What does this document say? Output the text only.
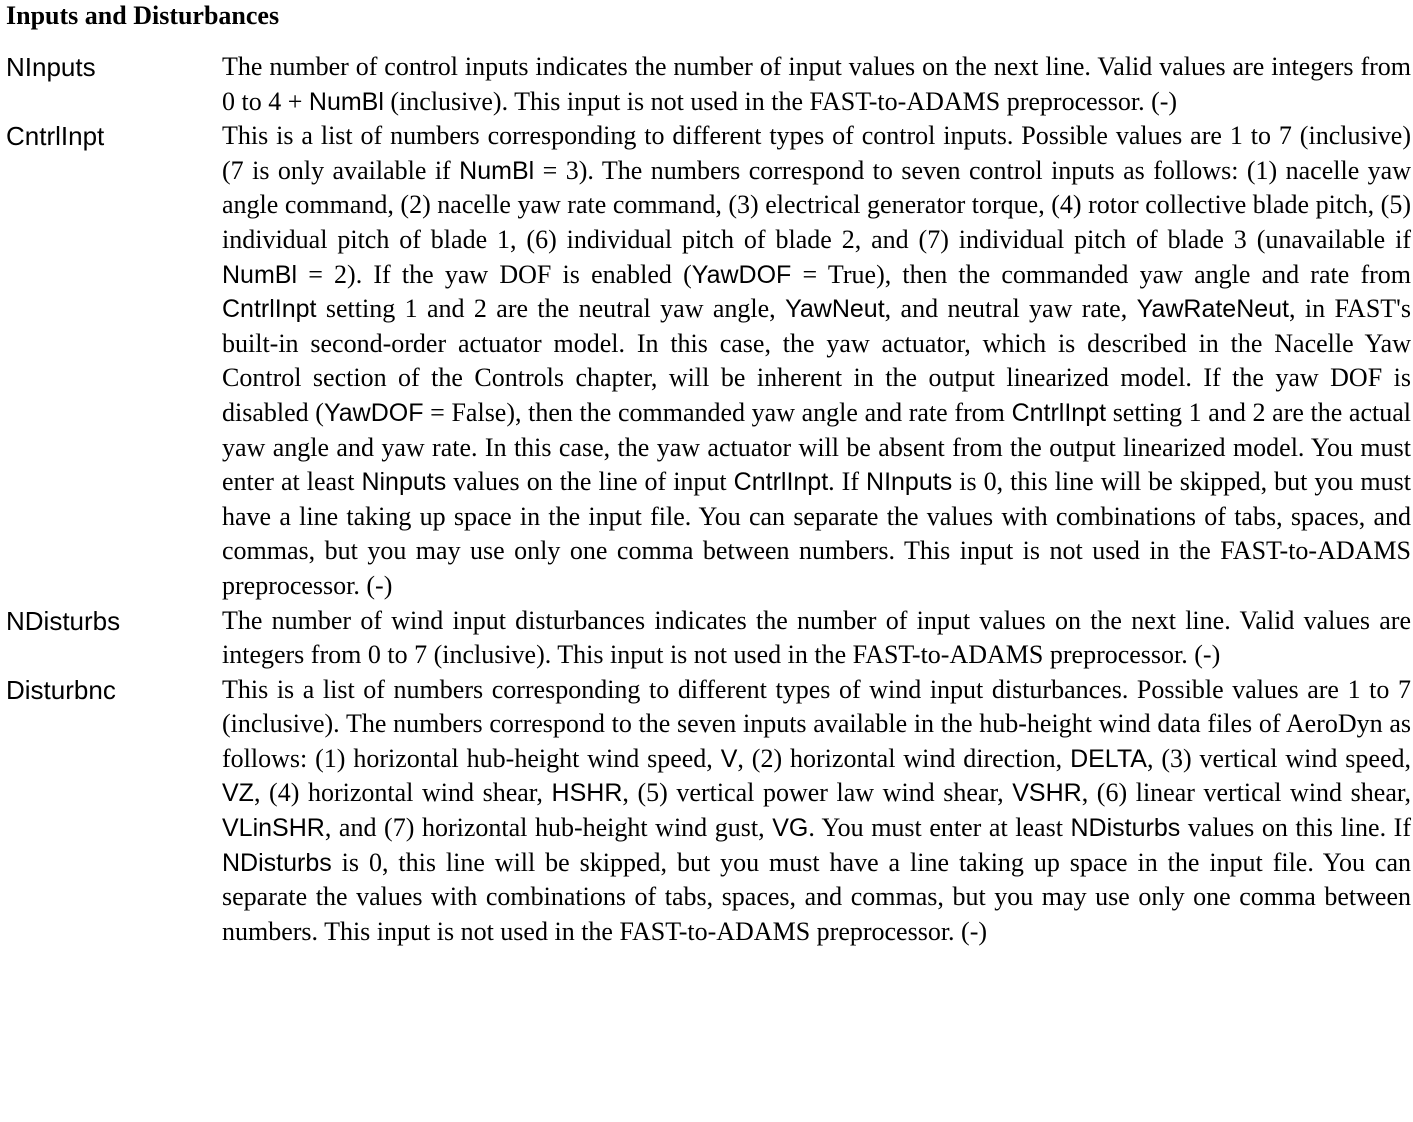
Inputs and Disturbances
NInputs	The number of control inputs indicates the number of input values on the next line. Valid values are integers from 0 to 4 + NumBl (inclusive). This input is not used in the FAST-to-ADAMS preprocessor. (-)
CntrlInpt	This is a list of numbers corresponding to different types of control inputs. Possible values are 1 to 7 (inclusive) (7 is only available if NumBl = 3). The numbers correspond to seven control inputs as follows: (1) nacelle yaw angle command, (2) nacelle yaw rate command, (3) electrical generator torque, (4) rotor collective blade pitch, (5) individual pitch of blade 1, (6) individual pitch of blade 2, and (7) individual pitch of blade 3 (unavailable if NumBl = 2). If the yaw DOF is enabled (YawDOF = True), then the commanded yaw angle and rate from CntrlInpt setting 1 and 2 are the neutral yaw angle, YawNeut, and neutral yaw rate, YawRateNeut, in FAST's built-in second-order actuator model. In this case, the yaw actuator, which is described in the Nacelle Yaw Control section of the Controls chapter, will be inherent in the output linearized model. If the yaw DOF is disabled (YawDOF = False), then the commanded yaw angle and rate from CntrlInpt setting 1 and 2 are the actual yaw angle and yaw rate. In this case, the yaw actuator will be absent from the output linearized model. You must enter at least Ninputs values on the line of input CntrlInpt. If NInputs is 0, this line will be skipped, but you must have a line taking up space in the input file. You can separate the values with combinations of tabs, spaces, and commas, but you may use only one comma between numbers. This input is not used in the FAST-to-ADAMS preprocessor. (-)
NDisturbs	The number of wind input disturbances indicates the number of input values on the next line. Valid values are integers from 0 to 7 (inclusive). This input is not used in the FAST-to-ADAMS preprocessor. (-)
Disturbnc	This is a list of numbers corresponding to different types of wind input disturbances. Possible values are 1 to 7 (inclusive). The numbers correspond to the seven inputs available in the hub-height wind data files of AeroDyn as follows: (1) horizontal hub-height wind speed, V, (2) horizontal wind direction, DELTA, (3) vertical wind speed, VZ, (4) horizontal wind shear, HSHR, (5) vertical power law wind shear, VSHR, (6) linear vertical wind shear, VLinSHR, and (7) horizontal hub-height wind gust, VG. You must enter at least NDisturbs values on this line. If NDisturbs is 0, this line will be skipped, but you must have a line taking up space in the input file. You can separate the values with combinations of tabs, spaces, and commas, but you may use only one comma between numbers. This input is not used in the FAST-to-ADAMS preprocessor. (-)
